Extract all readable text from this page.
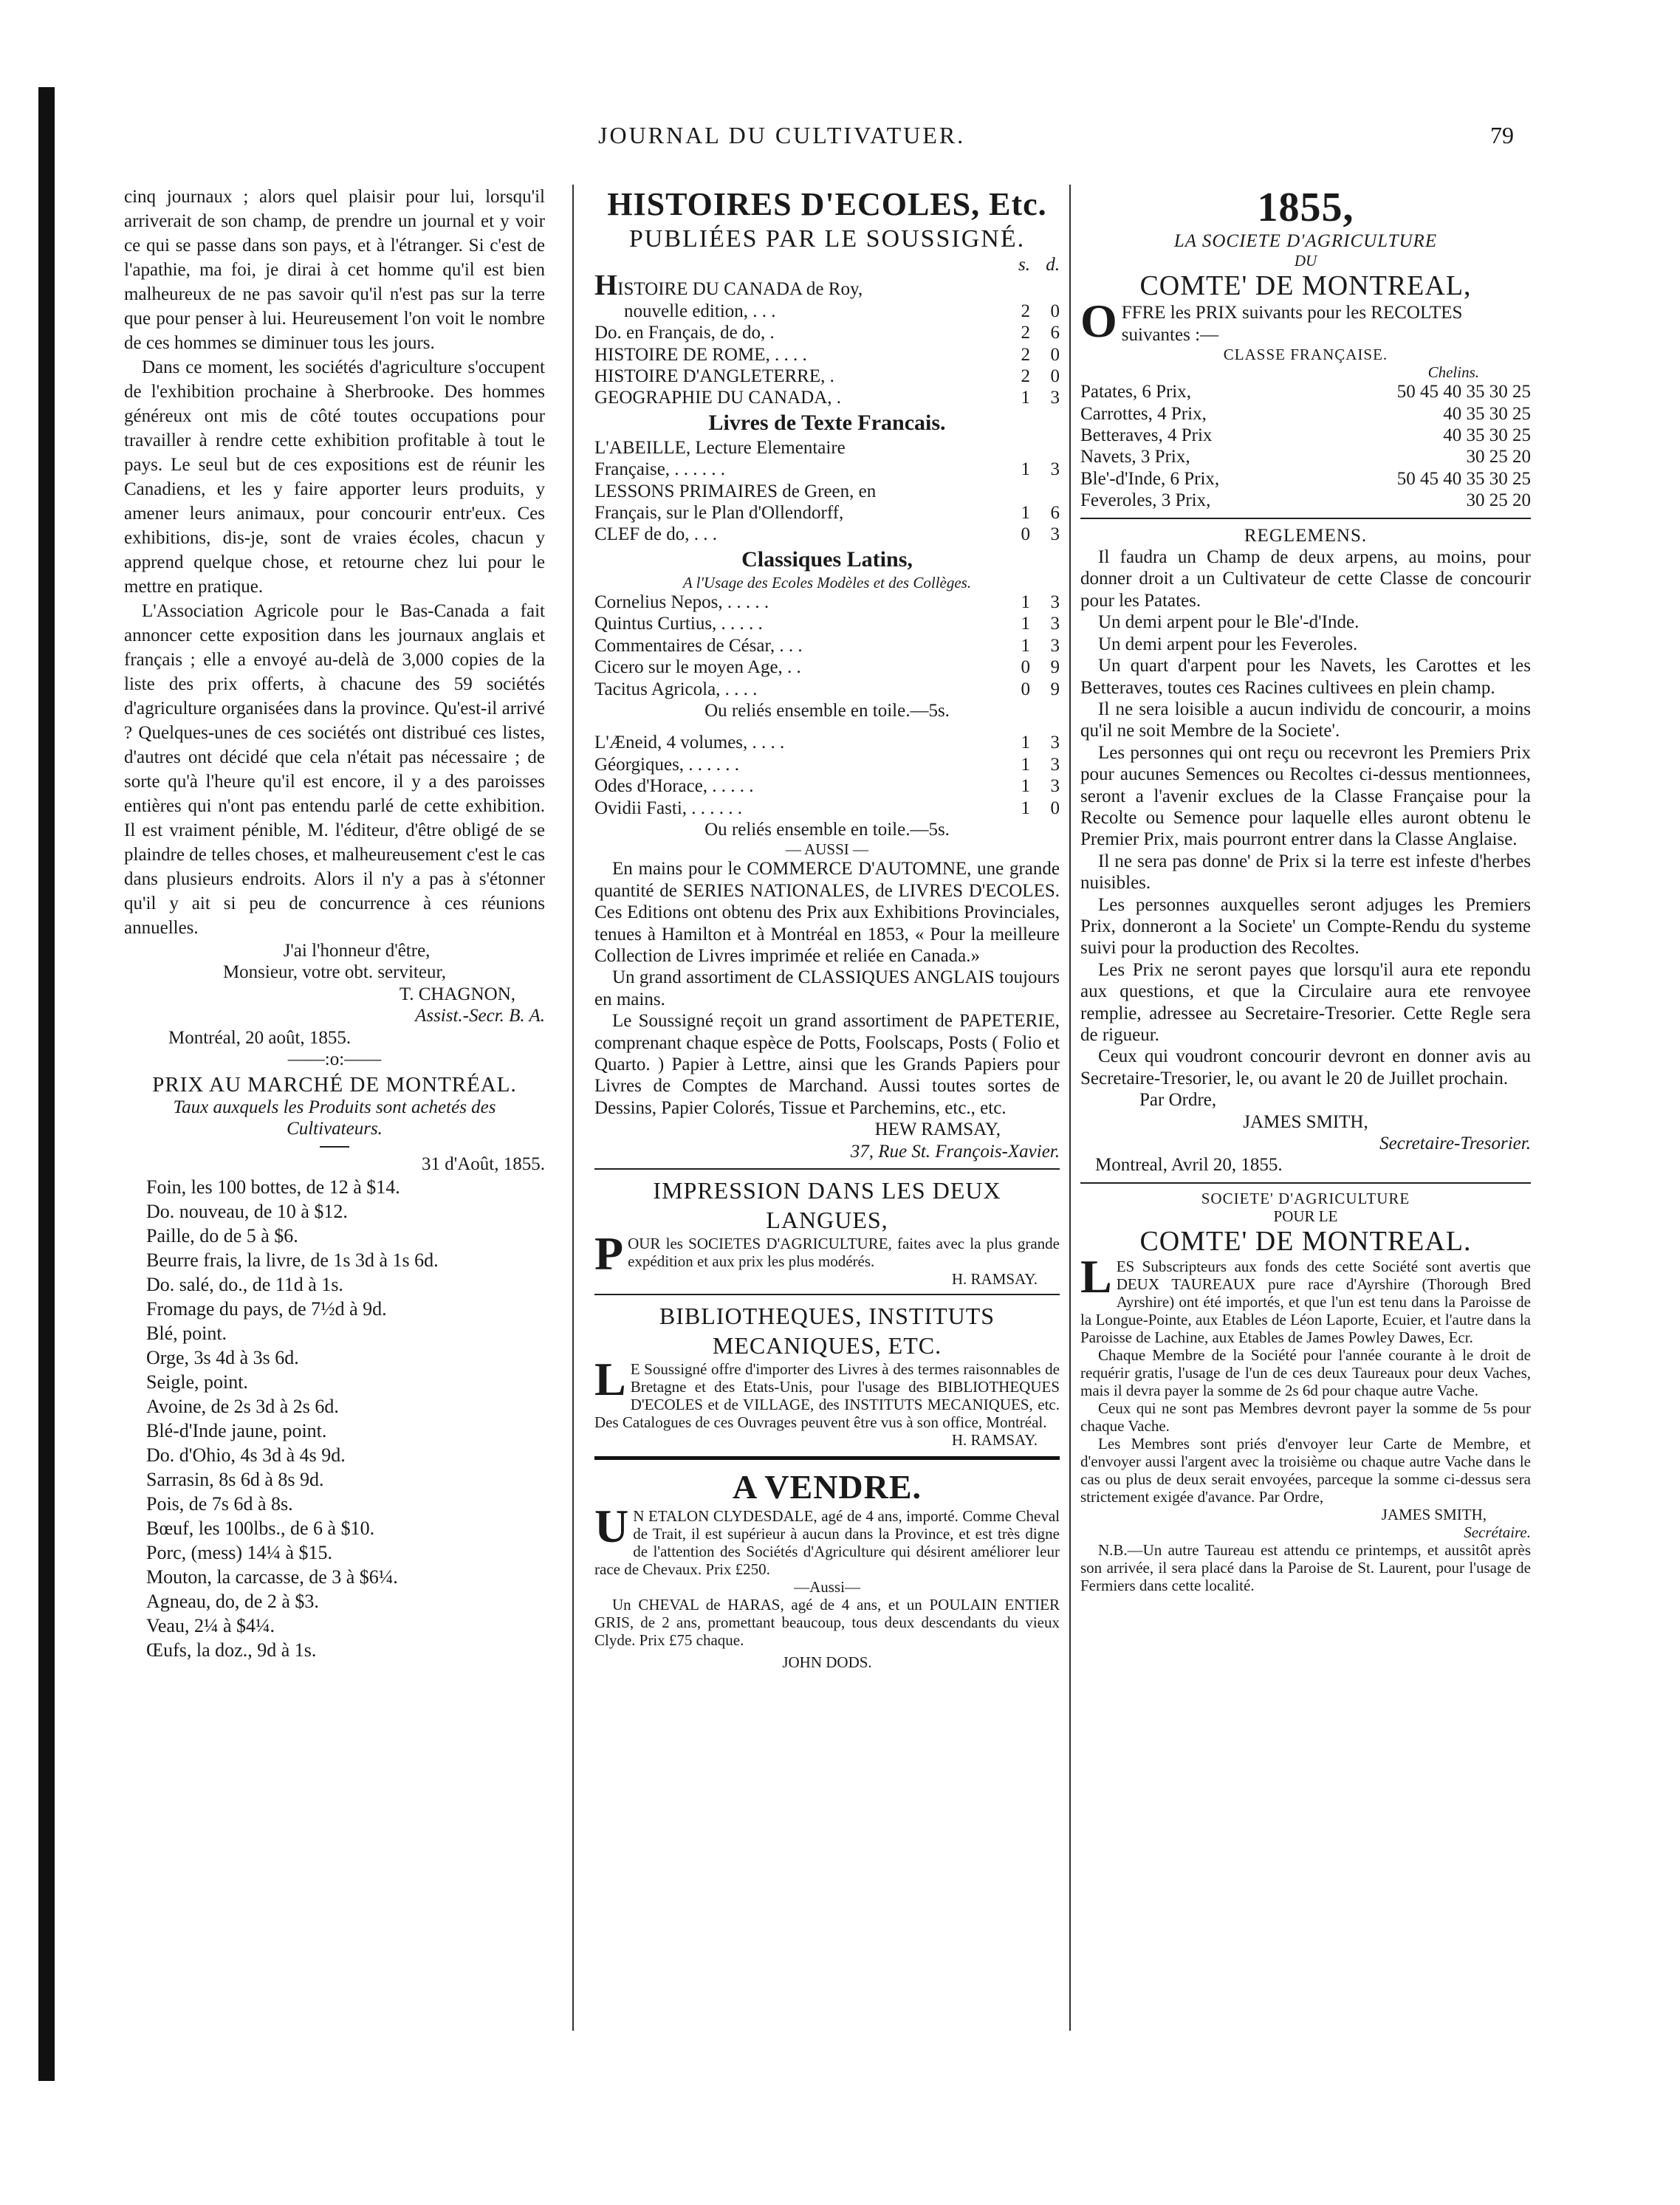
JOURNAL DU CULTIVATUER.	79

cinq journaux ; alors quel plaisir pour lui, lorsqu'il arriverait de son champ, de prendre un journal et y voir ce qui se passe dans son pays, et à l'étranger. Si c'est de l'apathie, ma foi, je dirai à cet homme qu'il est bien malheureux de ne pas savoir qu'il n'est pas sur la terre que pour penser à lui. Heureusement l'on voit le nombre de ces hommes se diminuer tous les jours.

Dans ce moment, les sociétés d'agriculture s'occupent de l'exhibition prochaine à Sherbrooke. Des hommes généreux ont mis de côté toutes occupations pour travailler à rendre cette exhibition profitable à tout le pays. Le seul but de ces expositions est de réunir les Canadiens, et les y faire apporter leurs produits, y amener leurs animaux, pour concourir entr'eux. Ces exhibitions, dis-je, sont de vraies écoles, chacun y apprend quelque chose, et retourne chez lui pour le mettre en pratique.

L'Association Agricole pour le Bas-Canada a fait annoncer cette exposition dans les journaux anglais et français ; elle a envoyé au-delà de 3,000 copies de la liste des prix offerts, à chacune des 59 sociétés d'agriculture organisées dans la province. Qu'est-il arrivé ? Quelques-unes de ces sociétés ont distribué ces listes, d'autres ont décidé que cela n'était pas nécessaire ; de sorte qu'à l'heure qu'il est encore, il y a des paroisses entières qui n'ont pas entendu parlé de cette exhibition. Il est vraiment pénible, M. l'éditeur, d'être obligé de se plaindre de telles choses, et malheureusement c'est le cas dans plusieurs endroits. Alors il n'y a pas à s'étonner qu'il y ait si peu de concurrence à ces réunions annuelles.

J'ai l'honneur d'être,

Monsieur, votre obt. serviteur,

T. CHAGNON,

Assist.-Secr. B. A.

Montréal, 20 août, 1855.

——:o:——

PRIX AU MARCHÉ DE MONTRÉAL.

Taux auxquels les Produits sont achetés des Cultivateurs.

31 d'Août, 1855.

Foin, les 100 bottes, de 12 à $14.
Do. nouveau, de 10 à $12.
Paille, do de 5 à $6.
Beurre frais, la livre, de 1s 3d à 1s 6d.
Do. salé, do., de 11d à 1s.
Fromage du pays, de 7½d à 9d.
Blé, point.
Orge, 3s 4d à 3s 6d.
Seigle, point.
Avoine, de 2s 3d à 2s 6d.
Blé-d'Inde jaune, point.
Do. d'Ohio, 4s 3d à 4s 9d.
Sarrasin, 8s 6d à 8s 9d.
Pois, de 7s 6d à 8s.
Bœuf, les 100lbs., de 6 à $10.
Porc, (mess) 14¼ à $15.
Mouton, la carcasse, de 3 à $6¼.
Agneau, do, de 2 à $3.
Veau, 2¼ à $4¼.
Œufs, la doz., 9d à 1s.

HISTOIRES D'ECOLES, Etc.

PUBLIÉES PAR LE SOUSSIGNÉ.

s. d.
HISTOIRE DU CANADA de Roy,
nouvelle edition, . . .	2	0
Do. en Français, de do, .	2	6
HISTOIRE DE ROME, . . . .	2	0
HISTOIRE D'ANGLETERRE, .	2	0
GEOGRAPHIE DU CANADA, .	1	3

Livres de Texte Francais.

L'ABEILLE, Lecture Elementaire
Française, . . . . . .	1	3
LESSONS PRIMAIRES de Green, en
Français, sur le Plan d'Ollendorff,	1	6
CLEF de do, . . .	0	3

Classiques Latins,

A l'Usage des Ecoles Modèles et des Collèges.

Cornelius Nepos, . . . . .	1	3
Quintus Curtius, . . . . .	1	3
Commentaires de César, . . .	1	3
Cicero sur le moyen Age, . .	0	9
Tacitus Agricola, . . . .	0	9

Ou reliés ensemble en toile.—5s.

L'Æneid, 4 volumes, . . . .	1	3
Géorgiques, . . . . . .	1	3
Odes d'Horace, . . . . .	1	3
Ovidii Fasti, . . . . . .	1	0

Ou reliés ensemble en toile.—5s.

— AUSSI —

En mains pour le COMMERCE D'AUTOMNE, une grande quantité de SERIES NATIONALES, de LIVRES D'ECOLES. Ces Editions ont obtenu des Prix aux Exhibitions Provinciales, tenues à Hamilton et à Montréal en 1853, « Pour la meilleure Collection de Livres imprimée et reliée en Canada.»

Un grand assortiment de CLASSIQUES ANGLAIS toujours en mains.

Le Soussigné reçoit un grand assortiment de PAPETERIE, comprenant chaque espèce de Potts, Foolscaps, Posts ( Folio et Quarto. ) Papier à Lettre, ainsi que les Grands Papiers pour Livres de Comptes de Marchand. Aussi toutes sortes de Dessins, Papier Colorés, Tissue et Parchemins, etc., etc.

HEW RAMSAY,

37, Rue St. François-Xavier.

IMPRESSION DANS LES DEUX LANGUES,

POUR les SOCIETES D'AGRICULTURE, faites avec la plus grande expédition et aux prix les plus modérés.

H. RAMSAY.

BIBLIOTHEQUES, INSTITUTS MECANIQUES, ETC.

L E Soussigné offre d'importer des Livres à des termes raisonnables de Bretagne et des Etats-Unis, pour l'usage des BIBLIOTHEQUES D'ECOLES et de VILLAGE, des INSTITUTS MECANIQUES, etc. Des Catalogues de ces Ouvrages peuvent être vus à son office, Montréal.

H. RAMSAY.

A VENDRE.

U N ETALON CLYDESDALE, agé de 4 ans, importé. Comme Cheval de Trait, il est supérieur à aucun dans la Province, et est très digne de l'attention des Sociétés d'Agriculture qui désirent améliorer leur race de Chevaux. Prix £250.

—Aussi—

Un CHEVAL de HARAS, agé de 4 ans, et un POULAIN ENTIER GRIS, de 2 ans, promettant beaucoup, tous deux descendants du vieux Clyde. Prix £75 chaque.

JOHN DODS.

1855,

LA SOCIETE D'AGRICULTURE

DU

COMTE' DE MONTREAL,

OFFRE les PRIX suivants pour les RECOLTES suivantes :—

CLASSE FRANÇAISE.

Chelins.

Patates, 6 Prix,	50 45 40 35 30 25
Carrottes, 4 Prix,	40 35 30 25
Betteraves, 4 Prix	40 35 30 25
Navets, 3 Prix,	30 25 20
Ble'-d'Inde, 6 Prix,	50 45 40 35 30 25
Feveroles, 3 Prix,	30 25 20

REGLEMENS.

Il faudra un Champ de deux arpens, au moins, pour donner droit a un Cultivateur de cette Classe de concourir pour les Patates.

Un demi arpent pour le Ble'-d'Inde.

Un demi arpent pour les Feveroles.

Un quart d'arpent pour les Navets, les Carottes et les Betteraves, toutes ces Racines cultivees en plein champ.

Il ne sera loisible a aucun individu de concourir, a moins qu'il ne soit Membre de la Societe'.

Les personnes qui ont reçu ou recevront les Premiers Prix pour aucunes Semences ou Recoltes ci-dessus mentionnees, seront a l'avenir exclues de la Classe Française pour la Recolte ou Semence pour laquelle elles auront obtenu le Premier Prix, mais pourront entrer dans la Classe Anglaise.

Il ne sera pas donne' de Prix si la terre est infeste d'herbes nuisibles.

Les personnes auxquelles seront adjuges les Premiers Prix, donneront a la Societe' un Compte-Rendu du systeme suivi pour la production des Recoltes.

Les Prix ne seront payes que lorsqu'il aura ete repondu aux questions, et que la Circulaire aura ete renvoyee remplie, adressee au Secretaire-Tresorier. Cette Regle sera de rigueur.

Ceux qui voudront concourir devront en donner avis au Secretaire-Tresorier, le, ou avant le 20 de Juillet prochain.

Par Ordre,

JAMES SMITH,

Secretaire-Tresorier.

Montreal, Avril 20, 1855.

SOCIETE' D'AGRICULTURE

POUR LE

COMTE' DE MONTREAL.

LES Subscripteurs aux fonds des cette Société sont avertis que DEUX TAUREAUX pure race d'Ayrshire (Thorough Bred Ayrshire) ont été importés, et que l'un est tenu dans la Paroisse de la Longue-Pointe, aux Etables de Léon Laporte, Ecuier, et l'autre dans la Paroisse de Lachine, aux Etables de James Powley Dawes, Ecr.

Chaque Membre de la Société pour l'année courante à le droit de requérir gratis, l'usage de l'un de ces deux Taureaux pour deux Vaches, mais il devra payer la somme de 2s 6d pour chaque autre Vache.

Ceux qui ne sont pas Membres devront payer la somme de 5s pour chaque Vache.

Les Membres sont priés d'envoyer leur Carte de Membre, et d'envoyer aussi l'argent avec la troisième ou chaque autre Vache dans le cas ou plus de deux serait envoyées, parceque la somme ci-dessus sera strictement exigée d'avance. Par Ordre,

JAMES SMITH,

Secrétaire.

N.B.—Un autre Taureau est attendu ce printemps, et aussitôt après son arrivée, il sera placé dans la Paroise de St. Laurent, pour l'usage de Fermiers dans cette localité.
